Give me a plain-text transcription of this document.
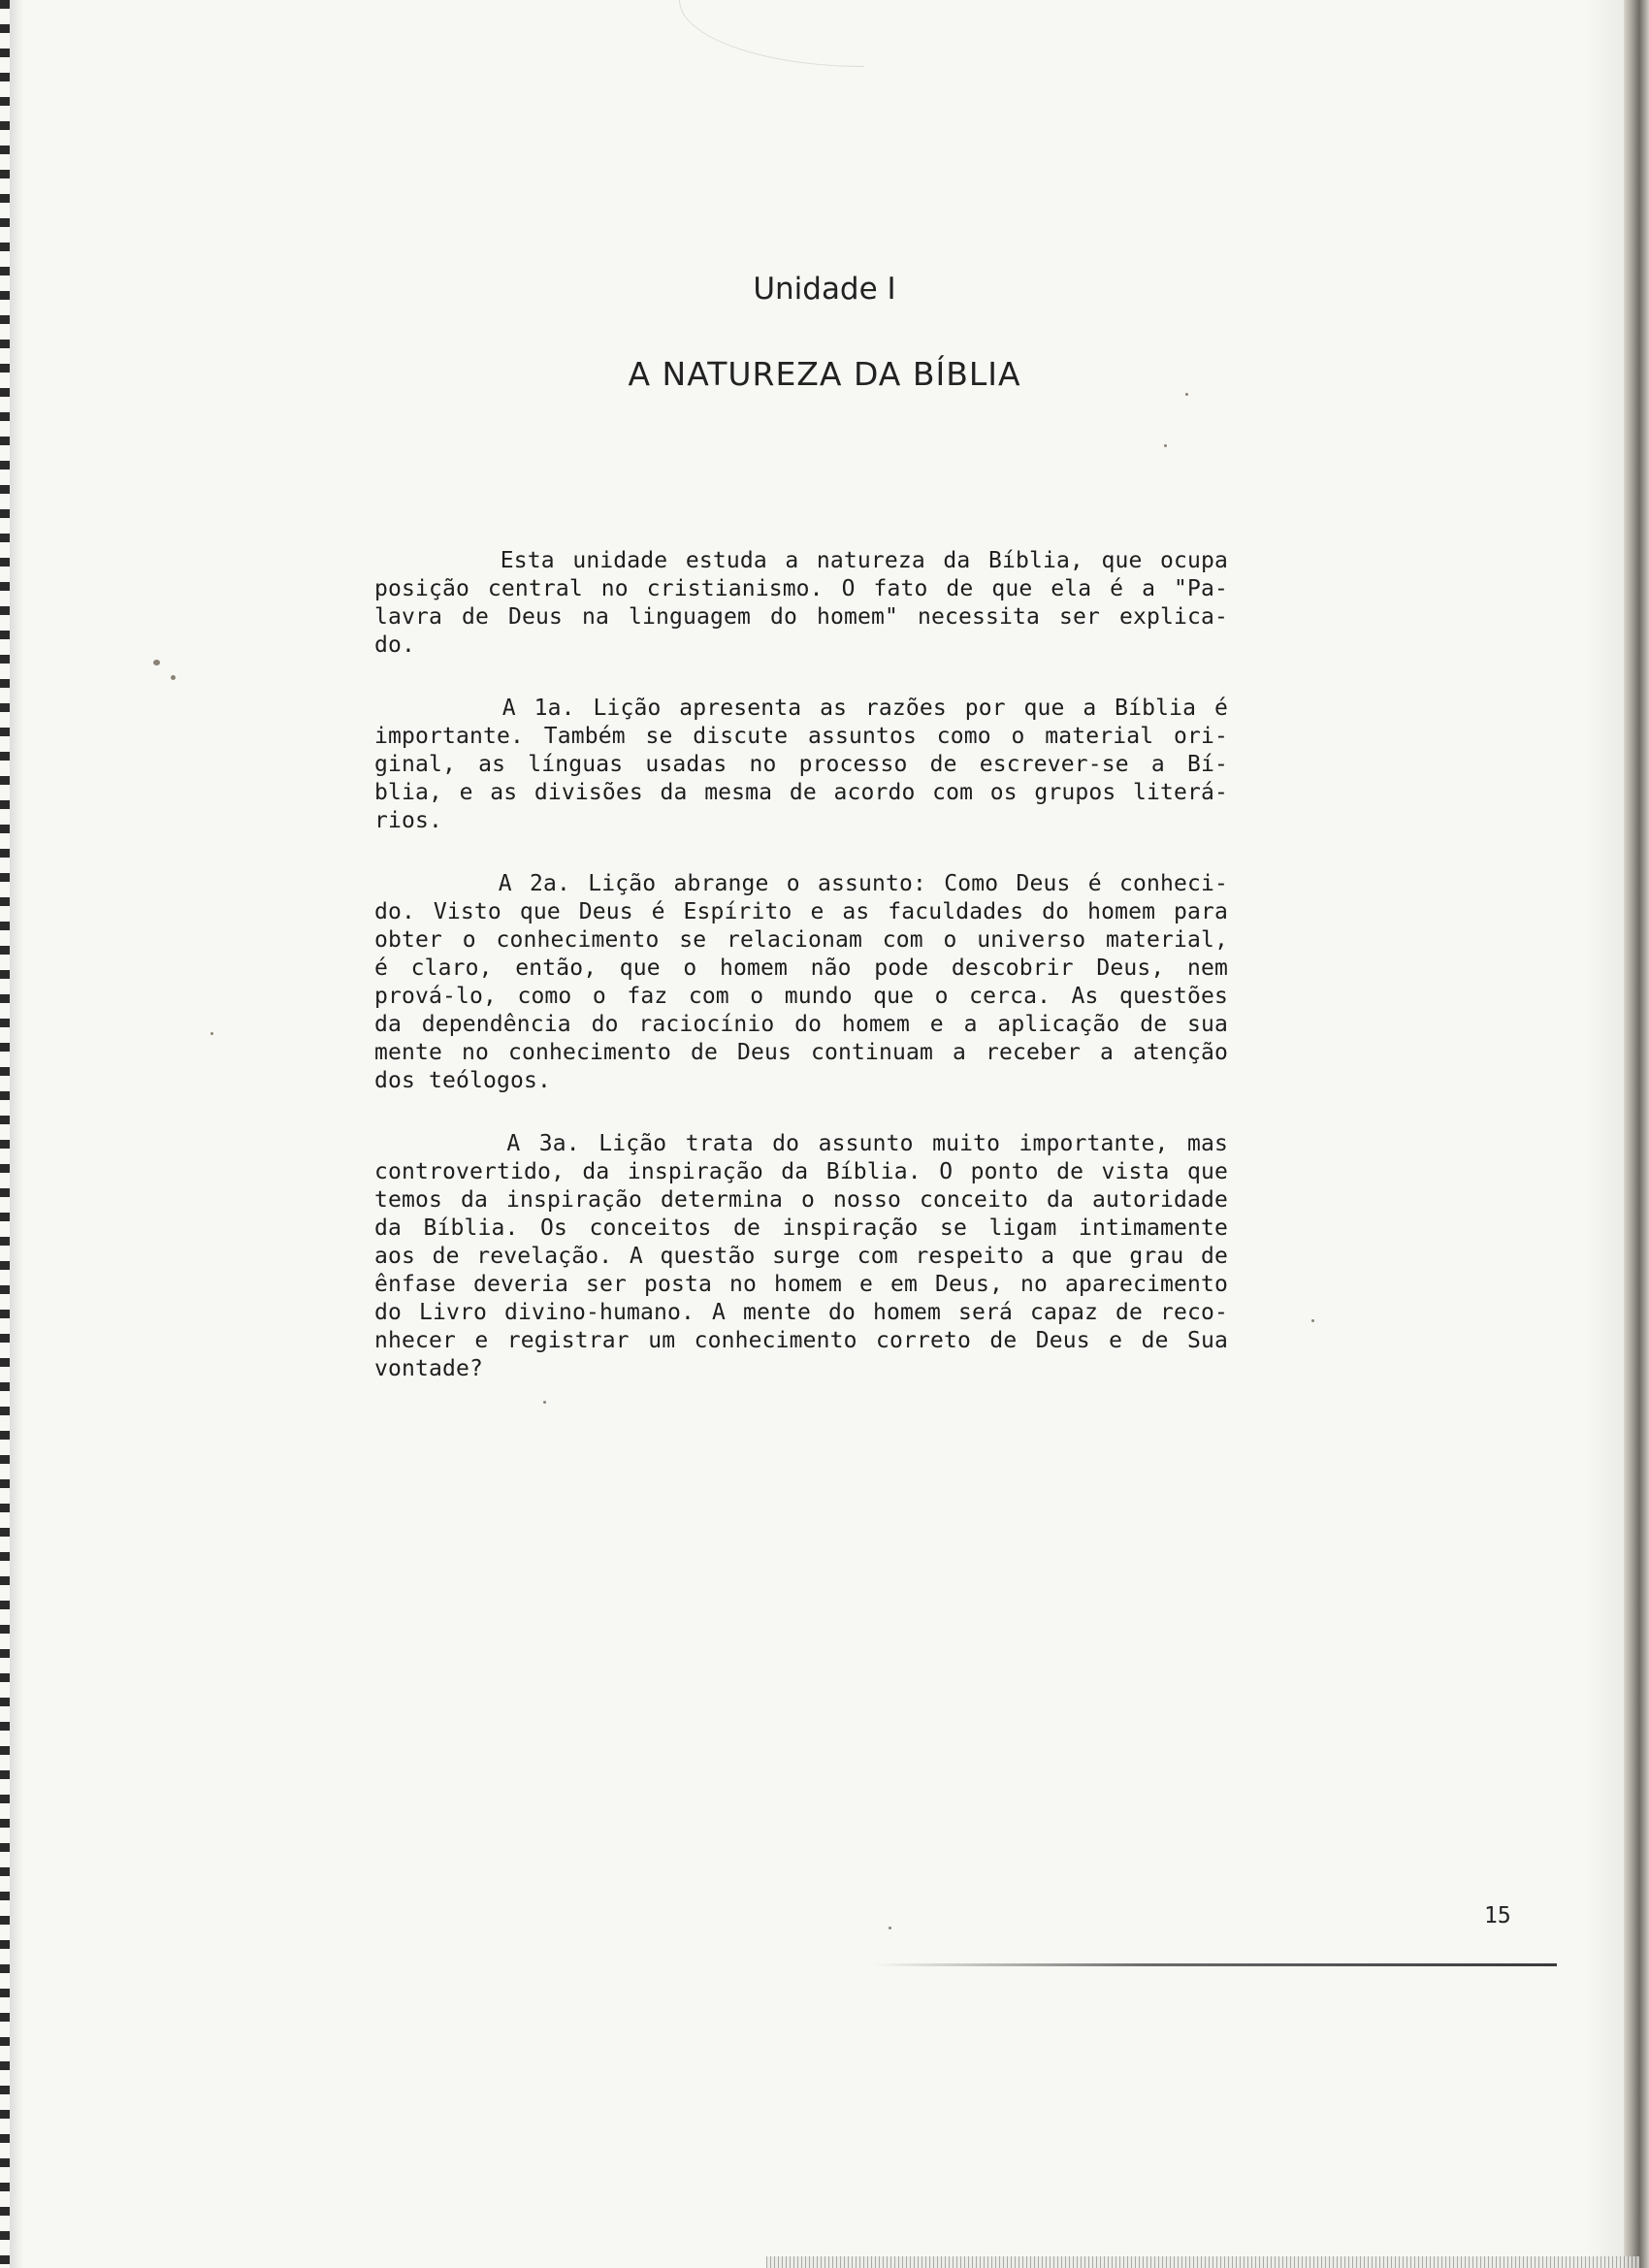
Unidade I
A NATUREZA DA BÍBLIA
Esta unidade estuda a natureza da Bíblia, que ocupa
posição central no cristianismo. O fato de que ela é a "Pa-
lavra de Deus na linguagem do homem" necessita ser explica-
do.
A 1a. Lição apresenta as razões por que a Bíblia é
importante. Também se discute assuntos como o material ori-
ginal, as línguas usadas no processo de escrever-se a Bí-
blia, e as divisões da mesma de acordo com os grupos literá-
rios.
A 2a. Lição abrange o assunto: Como Deus é conheci-
do. Visto que Deus é Espírito e as faculdades do homem para
obter o conhecimento se relacionam com o universo material,
é claro, então, que o homem não pode descobrir Deus, nem
prová-lo, como o faz com o mundo que o cerca. As questões
da dependência do raciocínio do homem e a aplicação de sua
mente no conhecimento de Deus continuam a receber a atenção
dos teólogos.
A 3a. Lição trata do assunto muito importante, mas
controvertido, da inspiração da Bíblia. O ponto de vista que
temos da inspiração determina o nosso conceito da autoridade
da Bíblia. Os conceitos de inspiração se ligam intimamente
aos de revelação. A questão surge com respeito a que grau de
ênfase deveria ser posta no homem e em Deus, no aparecimento
do Livro divino-humano. A mente do homem será capaz de reco-
nhecer e registrar um conhecimento correto de Deus e de Sua
vontade?
15
